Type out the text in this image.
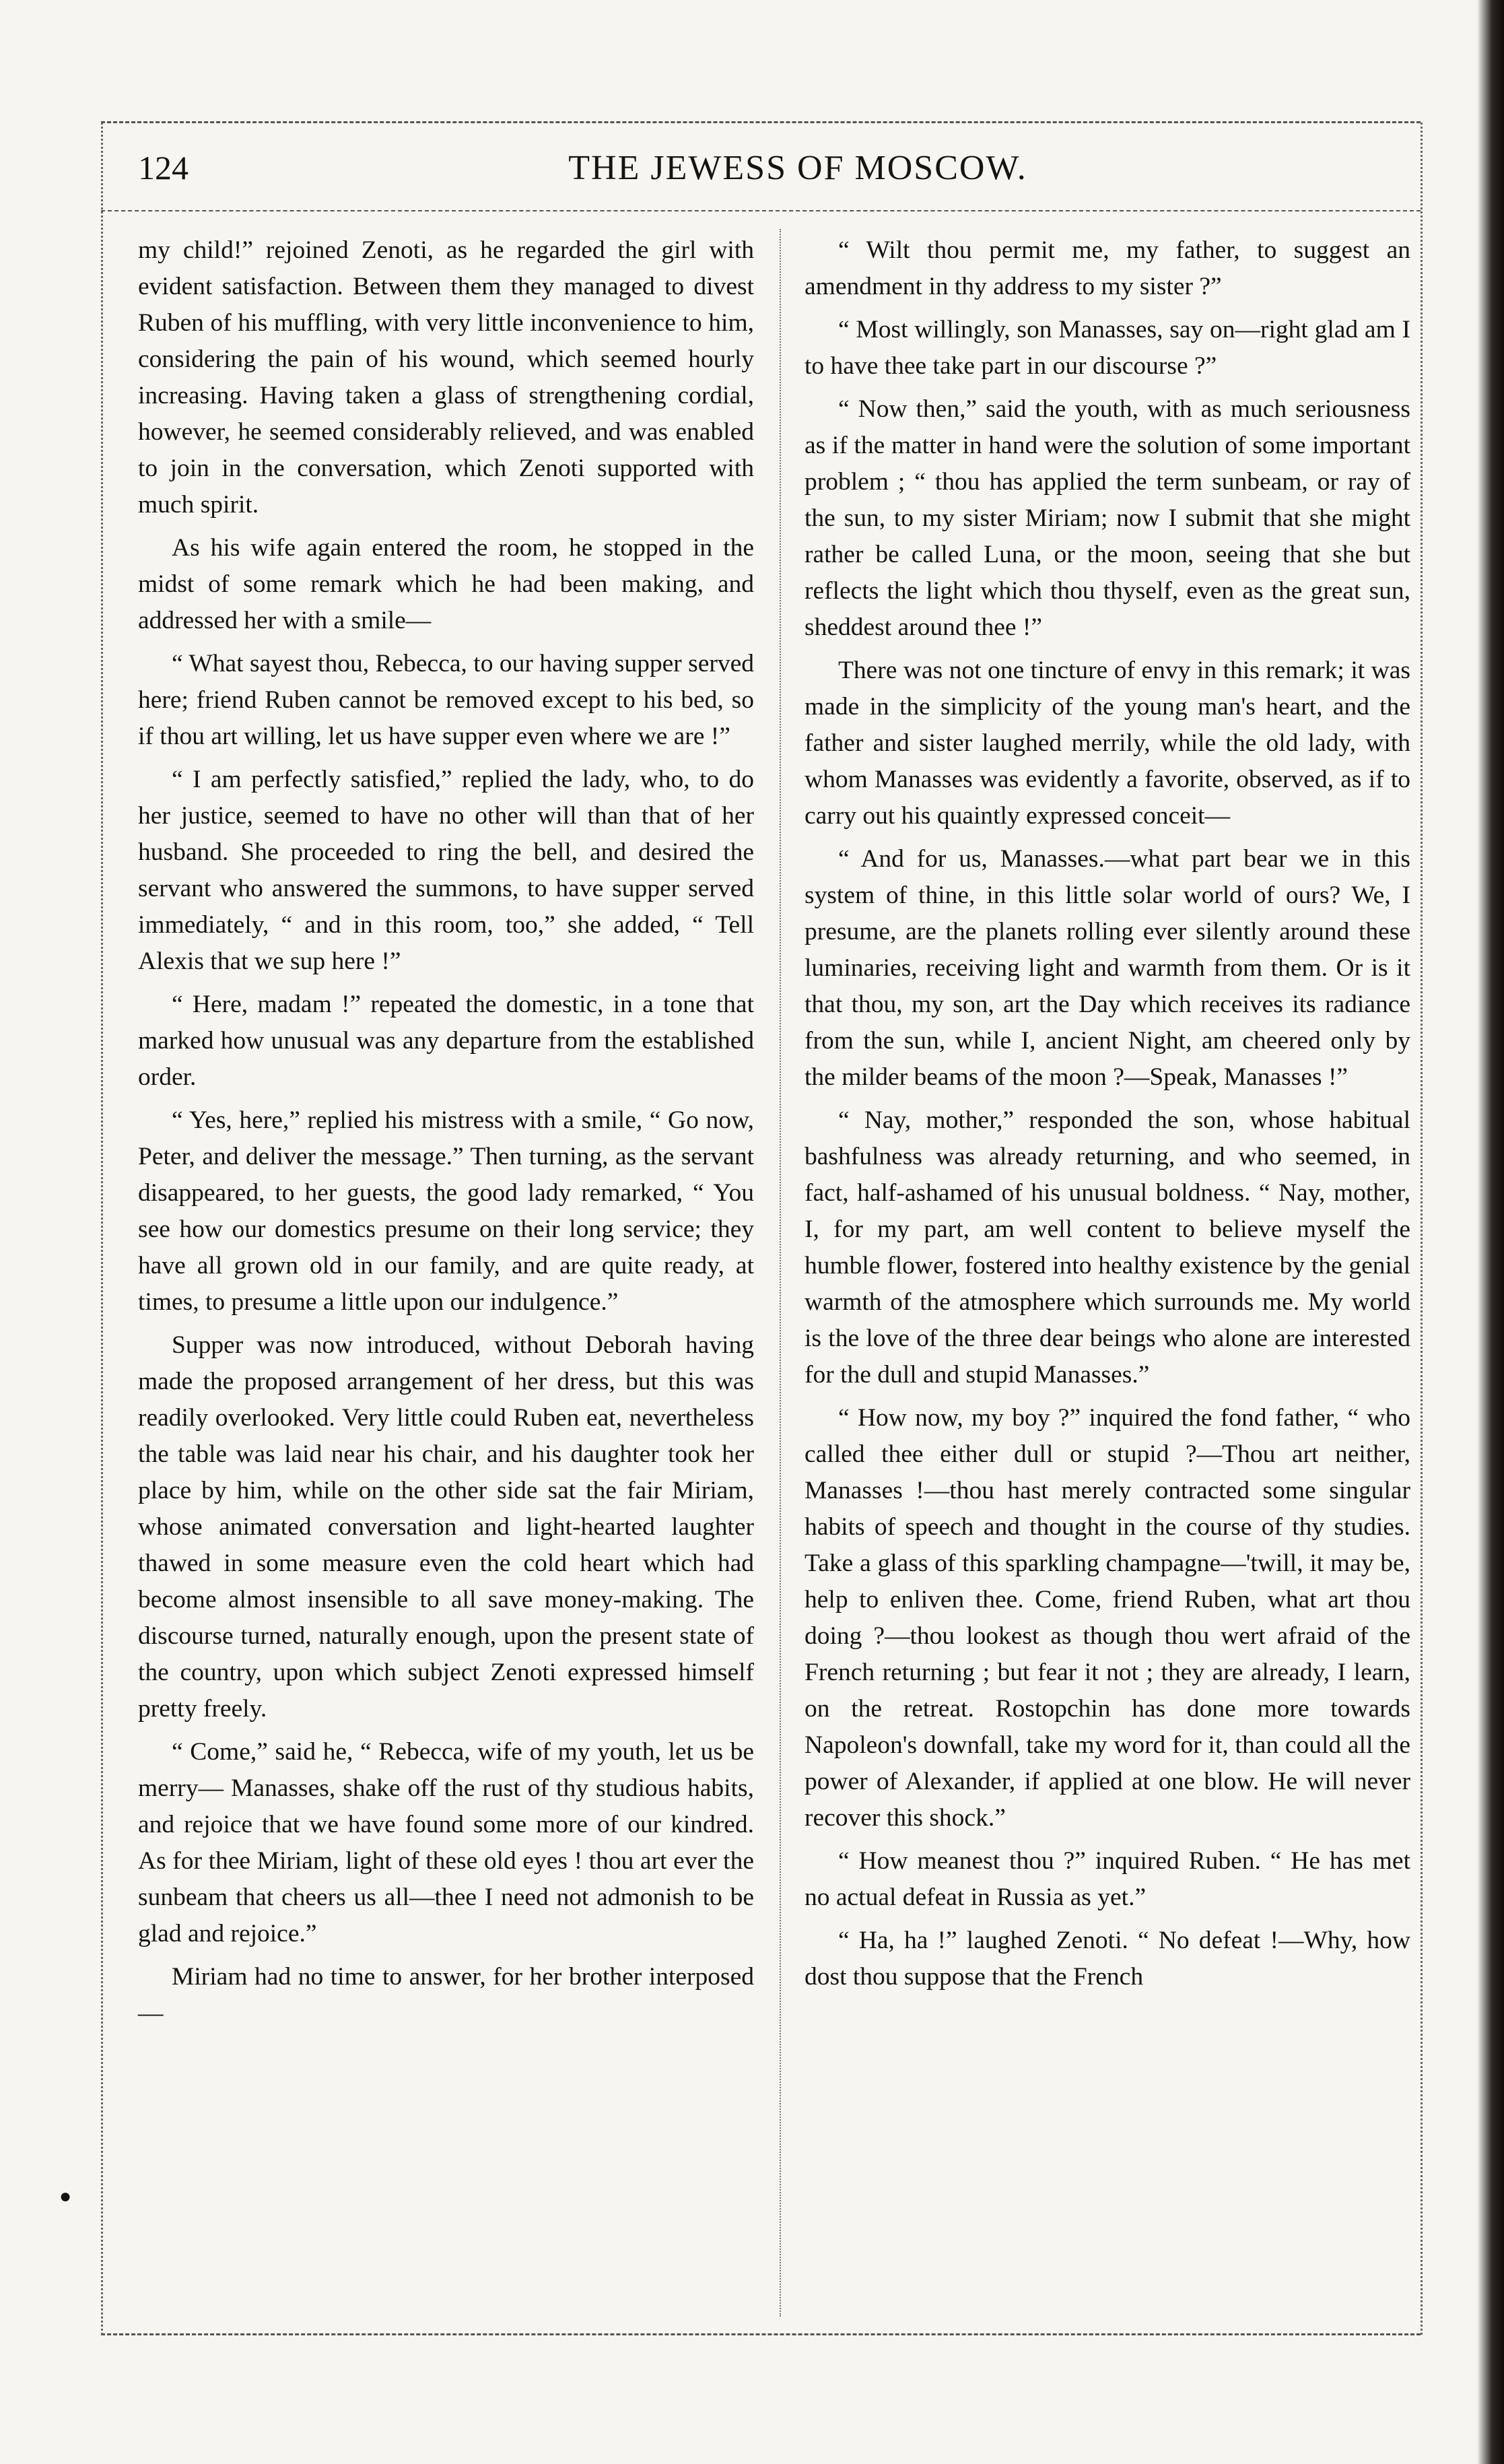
124	THE JEWESS OF MOSCOW.

my child!” rejoined Zenoti, as he regarded the girl with evident satisfaction. Between them they managed to divest Ruben of his muffling, with very little inconvenience to him, considering the pain of his wound, which seemed hourly increasing. Having taken a glass of strengthening cordial, however, he seemed considerably relieved, and was enabled to join in the conversation, which Zenoti supported with much spirit.

As his wife again entered the room, he stopped in the midst of some remark which he had been making, and addressed her with a smile—

“ What sayest thou, Rebecca, to our having supper served here; friend Ruben cannot be removed except to his bed, so if thou art willing, let us have supper even where we are !”

“ I am perfectly satisfied,” replied the lady, who, to do her justice, seemed to have no other will than that of her husband. She proceeded to ring the bell, and desired the servant who answered the summons, to have supper served immediately, “ and in this room, too,” she added, “ Tell Alexis that we sup here !”

“ Here, madam !” repeated the domestic, in a tone that marked how unusual was any departure from the established order.

“ Yes, here,” replied his mistress with a smile, “ Go now, Peter, and deliver the message.” Then turning, as the servant disappeared, to her guests, the good lady remarked, “ You see how our domestics presume on their long service; they have all grown old in our family, and are quite ready, at times, to presume a little upon our indulgence.”

Supper was now introduced, without Deborah having made the proposed arrangement of her dress, but this was readily overlooked. Very little could Ruben eat, nevertheless the table was laid near his chair, and his daughter took her place by him, while on the other side sat the fair Miriam, whose animated conversation and light-hearted laughter thawed in some measure even the cold heart which had become almost insensible to all save money-making. The discourse turned, naturally enough, upon the present state of the country, upon which subject Zenoti expressed himself pretty freely.

“ Come,” said he, “ Rebecca, wife of my youth, let us be merry— Manasses, shake off the rust of thy studious habits, and rejoice that we have found some more of our kindred. As for thee Miriam, light of these old eyes ! thou art ever the sunbeam that cheers us all—thee I need not admonish to be glad and rejoice.”

Miriam had no time to answer, for her brother interposed—

“ Wilt thou permit me, my father, to suggest an amendment in thy address to my sister ?”

“ Most willingly, son Manasses, say on—right glad am I to have thee take part in our discourse ?”

“ Now then,” said the youth, with as much seriousness as if the matter in hand were the solution of some important problem ; “ thou has applied the term sunbeam, or ray of the sun, to my sister Miriam; now I submit that she might rather be called Luna, or the moon, seeing that she but reflects the light which thou thyself, even as the great sun, sheddest around thee !”

There was not one tincture of envy in this remark; it was made in the simplicity of the young man's heart, and the father and sister laughed merrily, while the old lady, with whom Manasses was evidently a favorite, observed, as if to carry out his quaintly expressed conceit—

“ And for us, Manasses.—what part bear we in this system of thine, in this little solar world of ours? We, I presume, are the planets rolling ever silently around these luminaries, receiving light and warmth from them. Or is it that thou, my son, art the Day which receives its radiance from the sun, while I, ancient Night, am cheered only by the milder beams of the moon ?—Speak, Manasses !”

“ Nay, mother,” responded the son, whose habitual bashfulness was already returning, and who seemed, in fact, half-ashamed of his unusual boldness. “ Nay, mother, I, for my part, am well content to believe myself the humble flower, fostered into healthy existence by the genial warmth of the atmosphere which surrounds me. My world is the love of the three dear beings who alone are interested for the dull and stupid Manasses.”

“ How now, my boy ?” inquired the fond father, “ who called thee either dull or stupid ?—Thou art neither, Manasses !—thou hast merely contracted some singular habits of speech and thought in the course of thy studies. Take a glass of this sparkling champagne—'twill, it may be, help to enliven thee. Come, friend Ruben, what art thou doing ?—thou lookest as though thou wert afraid of the French returning ; but fear it not ; they are already, I learn, on the retreat. Rostopchin has done more towards Napoleon's downfall, take my word for it, than could all the power of Alexander, if applied at one blow. He will never recover this shock.”

“ How meanest thou ?” inquired Ruben. “ He has met no actual defeat in Russia as yet.”

“ Ha, ha !” laughed Zenoti. “ No defeat !—Why, how dost thou suppose that the French

●
